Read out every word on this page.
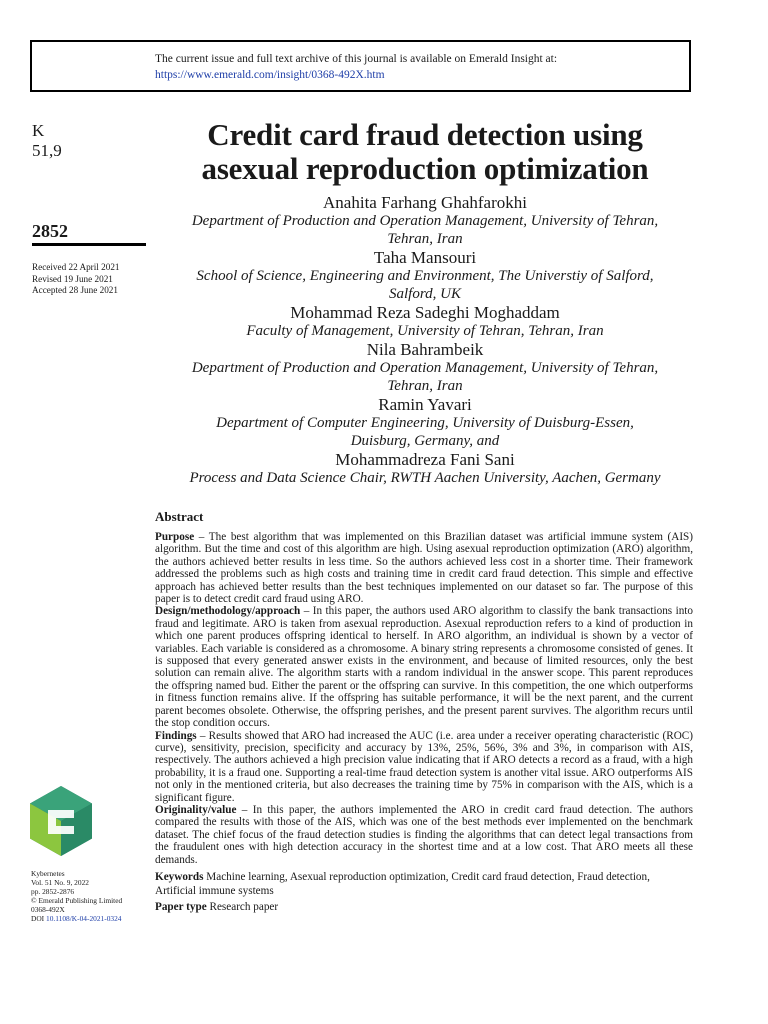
The current issue and full text archive of this journal is available on Emerald Insight at:
https://www.emerald.com/insight/0368-492X.htm
K
51,9
2852
Received 22 April 2021
Revised 19 June 2021
Accepted 28 June 2021
Kybernetes
Vol. 51 No. 9, 2022
pp. 2852-2876
© Emerald Publishing Limited
0368-492X
DOI 10.1108/K-04-2021-0324
Credit card fraud detection using
asexual reproduction optimization
Anahita Farhang Ghahfarokhi
Department of Production and Operation Management, University of Tehran,
Tehran, Iran
Taha Mansouri
School of Science, Engineering and Environment, The Universtiy of Salford,
Salford, UK
Mohammad Reza Sadeghi Moghaddam
Faculty of Management, University of Tehran, Tehran, Iran
Nila Bahrambeik
Department of Production and Operation Management, University of Tehran,
Tehran, Iran
Ramin Yavari
Department of Computer Engineering, University of Duisburg-Essen,
Duisburg, Germany, and
Mohammadreza Fani Sani
Process and Data Science Chair, RWTH Aachen University, Aachen, Germany
Abstract

Purpose – The best algorithm that was implemented on this Brazilian dataset was artificial immune system (AIS) algorithm. But the time and cost of this algorithm are high. Using asexual reproduction optimization (ARO) algorithm, the authors achieved better results in less time. So the authors achieved less cost in a shorter time. Their framework addressed the problems such as high costs and training time in credit card fraud detection. This simple and effective approach has achieved better results than the best techniques implemented on our dataset so far. The purpose of this paper is to detect credit card fraud using ARO.

Design/methodology/approach – In this paper, the authors used ARO algorithm to classify the bank transactions into fraud and legitimate. ARO is taken from asexual reproduction. Asexual reproduction refers to a kind of production in which one parent produces offspring identical to herself. In ARO algorithm, an individual is shown by a vector of variables. Each variable is considered as a chromosome. A binary string represents a chromosome consisted of genes. It is supposed that every generated answer exists in the environment, and because of limited resources, only the best solution can remain alive. The algorithm starts with a random individual in the answer scope. This parent reproduces the offspring named bud. Either the parent or the offspring can survive. In this competition, the one which outperforms in fitness function remains alive. If the offspring has suitable performance, it will be the next parent, and the current parent becomes obsolete. Otherwise, the offspring perishes, and the present parent survives. The algorithm recurs until the stop condition occurs.

Findings – Results showed that ARO had increased the AUC (i.e. area under a receiver operating characteristic (ROC) curve), sensitivity, precision, specificity and accuracy by 13%, 25%, 56%, 3% and 3%, in comparison with AIS, respectively. The authors achieved a high precision value indicating that if ARO detects a record as a fraud, with a high probability, it is a fraud one. Supporting a real-time fraud detection system is another vital issue. ARO outperforms AIS not only in the mentioned criteria, but also decreases the training time by 75% in comparison with the AIS, which is a significant figure.

Originality/value – In this paper, the authors implemented the ARO in credit card fraud detection. The authors compared the results with those of the AIS, which was one of the best methods ever implemented on the benchmark dataset. The chief focus of the fraud detection studies is finding the algorithms that can detect legal transactions from the fraudulent ones with high detection accuracy in the shortest time and at a low cost. That ARO meets all these demands.

Keywords Machine learning, Asexual reproduction optimization, Credit card fraud detection, Fraud detection, Artificial immune systems
Paper type Research paper
